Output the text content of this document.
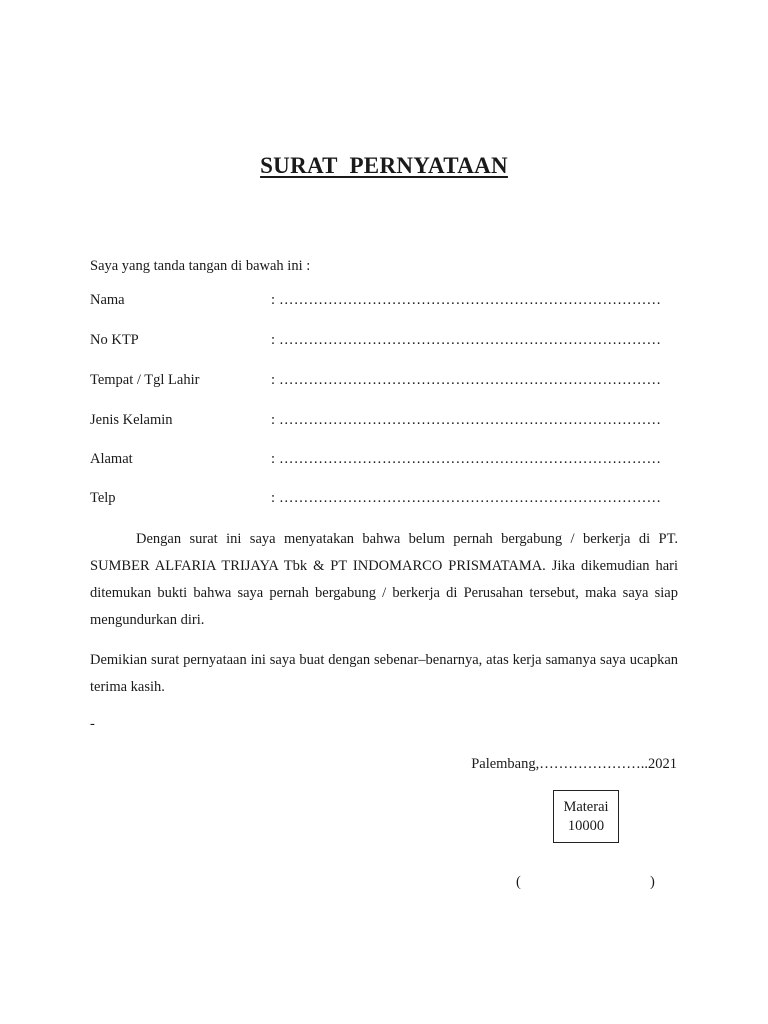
SURAT PERNYATAAN
Saya yang tanda tangan di bawah ini :
Nama	: ……………………………………………………………………
No KTP	: ……………………………………………………………………
Tempat / Tgl Lahir	: ……………………………………………………………………
Jenis Kelamin	: ……………………………………………………………………
Alamat	: ……………………………………………………………………
Telp	: ……………………………………………………………………
Dengan surat ini saya menyatakan bahwa belum pernah bergabung / berkerja di PT. SUMBER ALFARIA TRIJAYA Tbk & PT INDOMARCO PRISMATAMA. Jika dikemudian hari ditemukan bukti bahwa saya pernah bergabung / berkerja di Perusahan tersebut, maka saya siap mengundurkan diri.
Demikian surat pernyataan ini saya buat dengan sebenar–benarnya, atas kerja samanya saya ucapkan terima kasih.
-
Palembang,…………………..2021
Materai
10000
(	)
